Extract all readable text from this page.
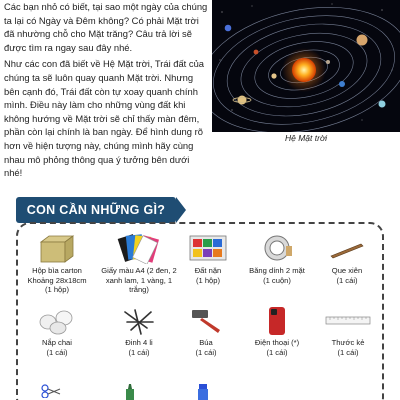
Các bạn nhỏ có biết, tại sao một ngày của chúng ta lại có Ngày và Đêm không? Có phải Mặt trời đã nhường chỗ cho Mặt trăng? Câu trả lời sẽ được tìm ra ngay sau đây nhé.

Như các con đã biết về Hệ Mặt trời, Trái đất của chúng ta sẽ luôn quay quanh Mặt trời. Nhưng bên cạnh đó, Trái đất còn tự xoay quanh chính mình. Điều này làm cho những vùng đất khi không hướng về Mặt trời sẽ chỉ thấy màn đêm, phần còn lại chính là ban ngày. Để hình dung rõ hơn về hiện tượng này, chúng mình hãy cùng nhau mô phỏng thông qua ý tưởng bên dưới nhé!

Hệ Mặt trời
CON CẦN NHỮNG GÌ?
Hộp bìa carton Khoảng 28x18cm
(1 hộp)
Giấy màu A4 (2 đen, 2 xanh lam, 1 vàng, 1 trắng)
Đất nặn
(1 hộp)
Băng dính 2 mặt
(1 cuộn)
Que xiên
(1 cái)
Nắp chai
(1 cái)
Đinh 4 li
(1 cái)
Búa
(1 cái)
Điện thoại (*)
(1 cái)
Thước kẻ
(1 cái)
